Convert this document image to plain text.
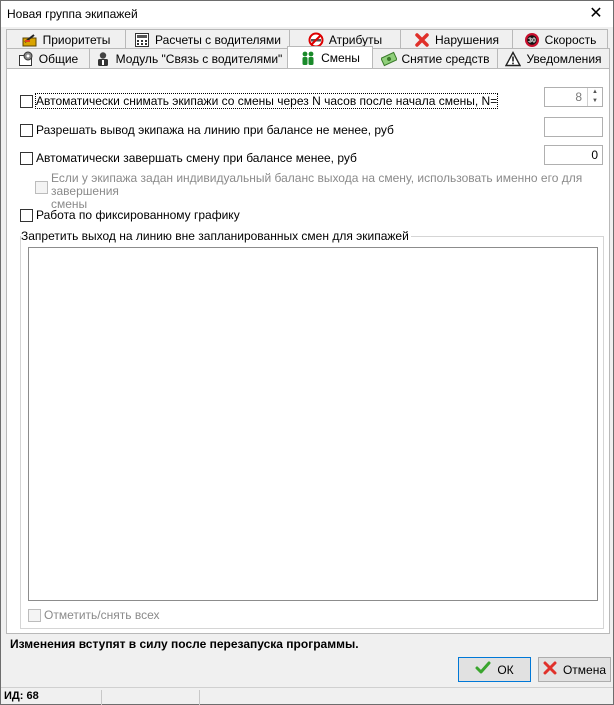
Новая группа экипажей	✕
Приоритеты	Расчеты с водителями	Атрибуты	Нарушения	30 Скорость
Общие	Модуль "Связь с водителями"	Смены	Снятие средств	Уведомления
Автоматически снимать экипажи со смены через N часов после начала смены, N=	8	▲
▼
Разрешать вывод экипажа на линию при балансе не менее, руб
Автоматически завершать смену при балансе менее, руб	0
Если у экипажа задан индивидуальный баланс выхода на смену, использовать именно его для завершения
смены
Работа по фиксированному графику
Запретить выход на линию вне запланированных смен для экипажей
Отметить/снять всех
Изменения вступят в силу после перезапуска программы.
ОК	Отмена
ИД: 68
